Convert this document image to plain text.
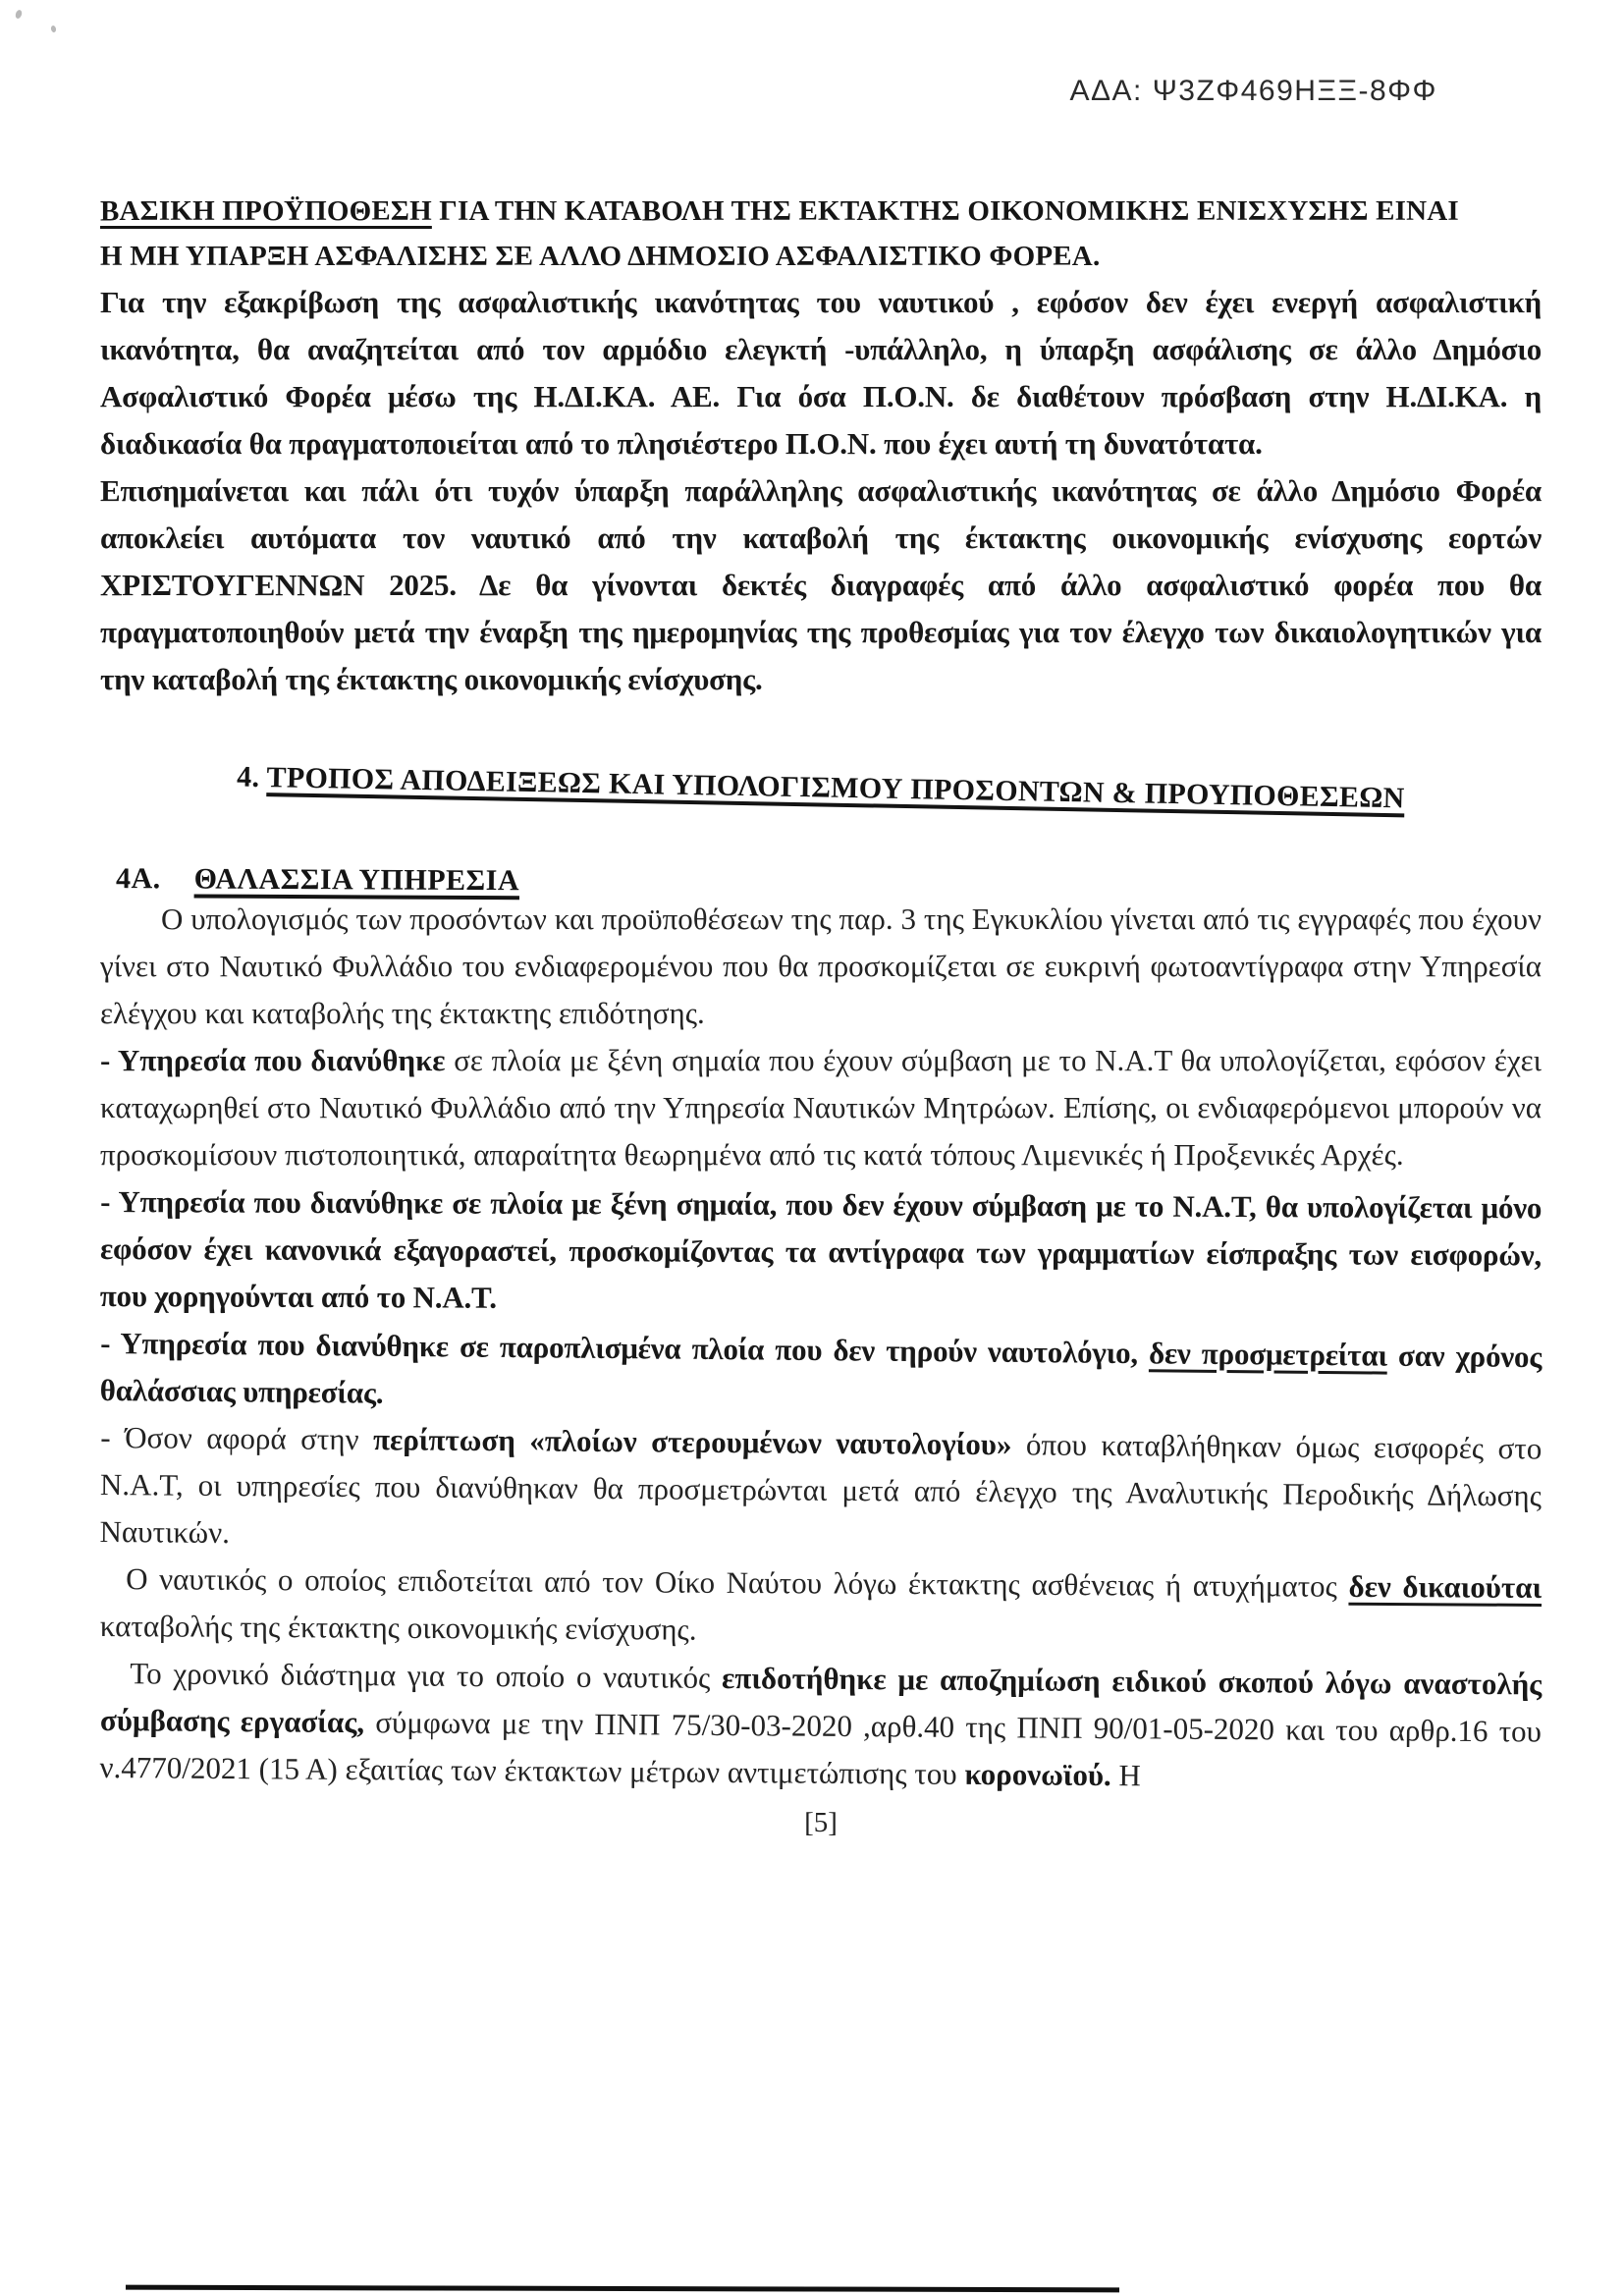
ΑΔΑ: Ψ3ΖΦ469ΗΞΞ-8ΦΦ
ΒΑΣΙΚΗ ΠΡΟΫΠΟΘΕΣΗ ΓΙΑ ΤΗΝ ΚΑΤΑΒΟΛΗ ΤΗΣ ΕΚΤΑΚΤΗΣ ΟΙΚΟΝΟΜΙΚΗΣ ΕΝΙΣΧΥΣΗΣ ΕΙΝΑΙ
Η ΜΗ ΥΠΑΡΞΗ ΑΣΦΑΛΙΣΗΣ ΣΕ ΑΛΛΟ ΔΗΜΟΣΙΟ ΑΣΦΑΛΙΣΤΙΚΟ ΦΟΡΕΑ.

Για την εξακρίβωση της ασφαλιστικής ικανότητας του ναυτικού , εφόσον δεν έχει ενεργή ασφαλιστική ικανότητα, θα αναζητείται από τον αρμόδιο ελεγκτή -υπάλληλο, η ύπαρξη ασφάλισης σε άλλο Δημόσιο Ασφαλιστικό Φορέα μέσω της Η.ΔΙ.ΚΑ. ΑΕ. Για όσα Π.Ο.Ν. δε διαθέτουν πρόσβαση στην Η.ΔΙ.ΚΑ. η διαδικασία θα πραγματοποιείται από το πλησιέστερο Π.Ο.Ν. που έχει αυτή τη δυνατότατα.

Επισημαίνεται και πάλι ότι τυχόν ύπαρξη παράλληλης ασφαλιστικής ικανότητας σε άλλο Δημόσιο Φορέα αποκλείει αυτόματα τον ναυτικό από την καταβολή της έκτακτης οικονομικής ενίσχυσης εορτών ΧΡΙΣΤΟΥΓΕΝΝΩΝ 2025. Δε θα γίνονται δεκτές διαγραφές από άλλο ασφαλιστικό φορέα που θα πραγματοποιηθούν μετά την έναρξη της ημερομηνίας της προθεσμίας για τον έλεγχο των δικαιολογητικών για την καταβολή της έκτακτης οικονομικής ενίσχυσης.

4. ΤΡΟΠΟΣ ΑΠΟΔΕΙΞΕΩΣ ΚΑΙ ΥΠΟΛΟΓΙΣΜΟΥ ΠΡΟΣΟΝΤΩΝ & ΠΡΟΥΠΟΘΕΣΕΩΝ
4Α. ΘΑΛΑΣΣΙΑ ΥΠΗΡΕΣΙΑ

Ο υπολογισμός των προσόντων και προϋποθέσεων της παρ. 3 της Εγκυκλίου γίνεται από τις εγγραφές που έχουν γίνει στο Ναυτικό Φυλλάδιο του ενδιαφερομένου που θα προσκομίζεται σε ευκρινή φωτοαντίγραφα στην Υπηρεσία ελέγχου και καταβολής της έκτακτης επιδότησης.

- Υπηρεσία που διανύθηκε σε πλοία με ξένη σημαία που έχουν σύμβαση με το Ν.Α.Τ θα υπολογίζεται, εφόσον έχει καταχωρηθεί στο Ναυτικό Φυλλάδιο από την Υπηρεσία Ναυτικών Μητρώων. Επίσης, οι ενδιαφερόμενοι μπορούν να προσκομίσουν πιστοποιητικά, απαραίτητα θεωρημένα από τις κατά τόπους Λιμενικές ή Προξενικές Αρχές.

- Υπηρεσία που διανύθηκε σε πλοία με ξένη σημαία, που δεν έχουν σύμβαση με το Ν.Α.Τ, θα υπολογίζεται μόνο εφόσον έχει κανονικά εξαγοραστεί, προσκομίζοντας τα αντίγραφα των γραμματίων είσπραξης των εισφορών, που χορηγούνται από το Ν.Α.Τ.

- Υπηρεσία που διανύθηκε σε παροπλισμένα πλοία που δεν τηρούν ναυτολόγιο, δεν προσμετρείται σαν χρόνος θαλάσσιας υπηρεσίας.

- Όσον αφορά στην περίπτωση «πλοίων στερουμένων ναυτολογίου» όπου καταβλήθηκαν όμως εισφορές στο Ν.Α.Τ, οι υπηρεσίες που διανύθηκαν θα προσμετρώνται μετά από έλεγχο της Αναλυτικής Περοδικής Δήλωσης Ναυτικών.

Ο ναυτικός ο οποίος επιδοτείται από τον Οίκο Ναύτου λόγω έκτακτης ασθένειας ή ατυχήματος δεν δικαιούται καταβολής της έκτακτης οικονομικής ενίσχυσης.

Το χρονικό διάστημα για το οποίο ο ναυτικός επιδοτήθηκε με αποζημίωση ειδικού σκοπού λόγω αναστολής σύμβασης εργασίας, σύμφωνα με την ΠΝΠ 75/30-03-2020 ,αρθ.40 της ΠΝΠ 90/01-05-2020 και του αρθρ.16 του ν.4770/2021 (15 Α) εξαιτίας των έκτακτων μέτρων αντιμετώπισης του κορονωϊού. Η

[5]
